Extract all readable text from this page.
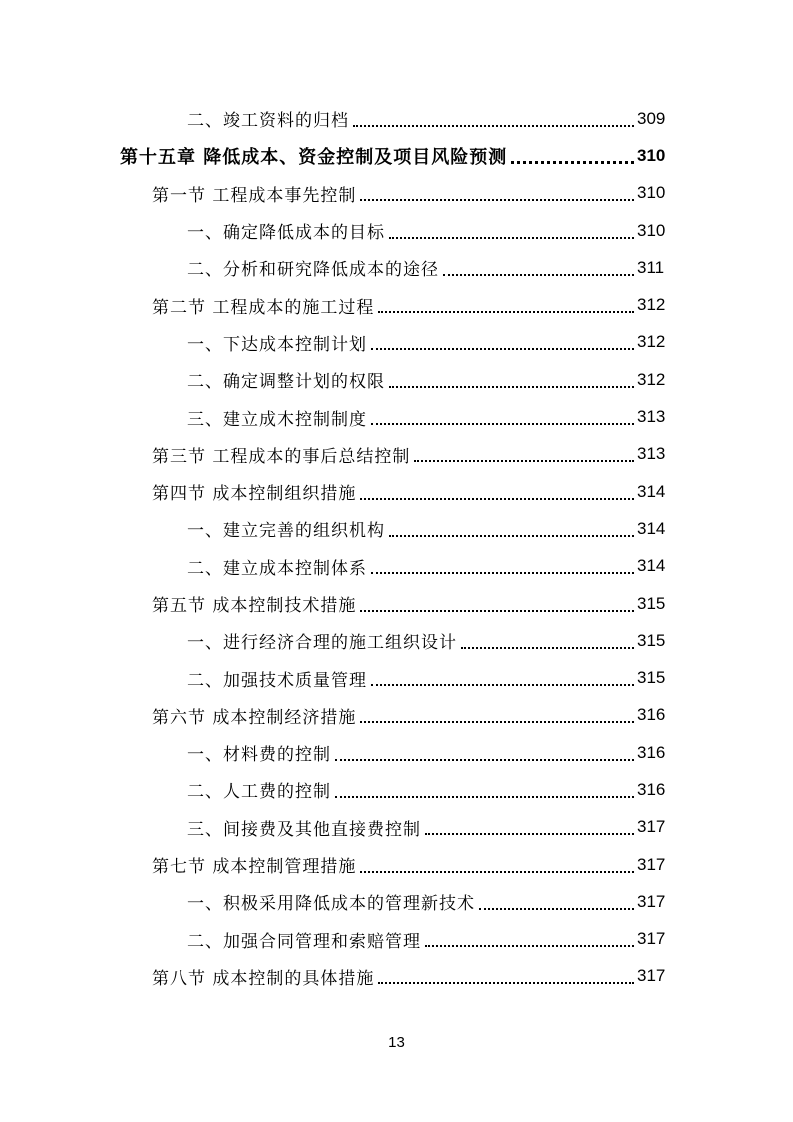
二、竣工资料的归档	309
第十五章 降低成本、资金控制及项目风险预测	310
第一节 工程成本事先控制	310
一、确定降低成本的目标	310
二、分析和研究降低成本的途径	311
第二节 工程成本的施工过程	312
一、下达成本控制计划	312
二、确定调整计划的权限	312
三、建立成木控制制度	313
第三节 工程成本的事后总结控制	313
第四节 成本控制组织措施	314
一、建立完善的组织机构	314
二、建立成本控制体系	314
第五节 成本控制技术措施	315
一、进行经济合理的施工组织设计	315
二、加强技术质量管理	315
第六节 成本控制经济措施	316
一、材料费的控制	316
二、人工费的控制	316
三、间接费及其他直接费控制	317
第七节 成本控制管理措施	317
一、积极采用降低成本的管理新技术	317
二、加强合同管理和索赔管理	317
第八节 成本控制的具体措施	317
13
